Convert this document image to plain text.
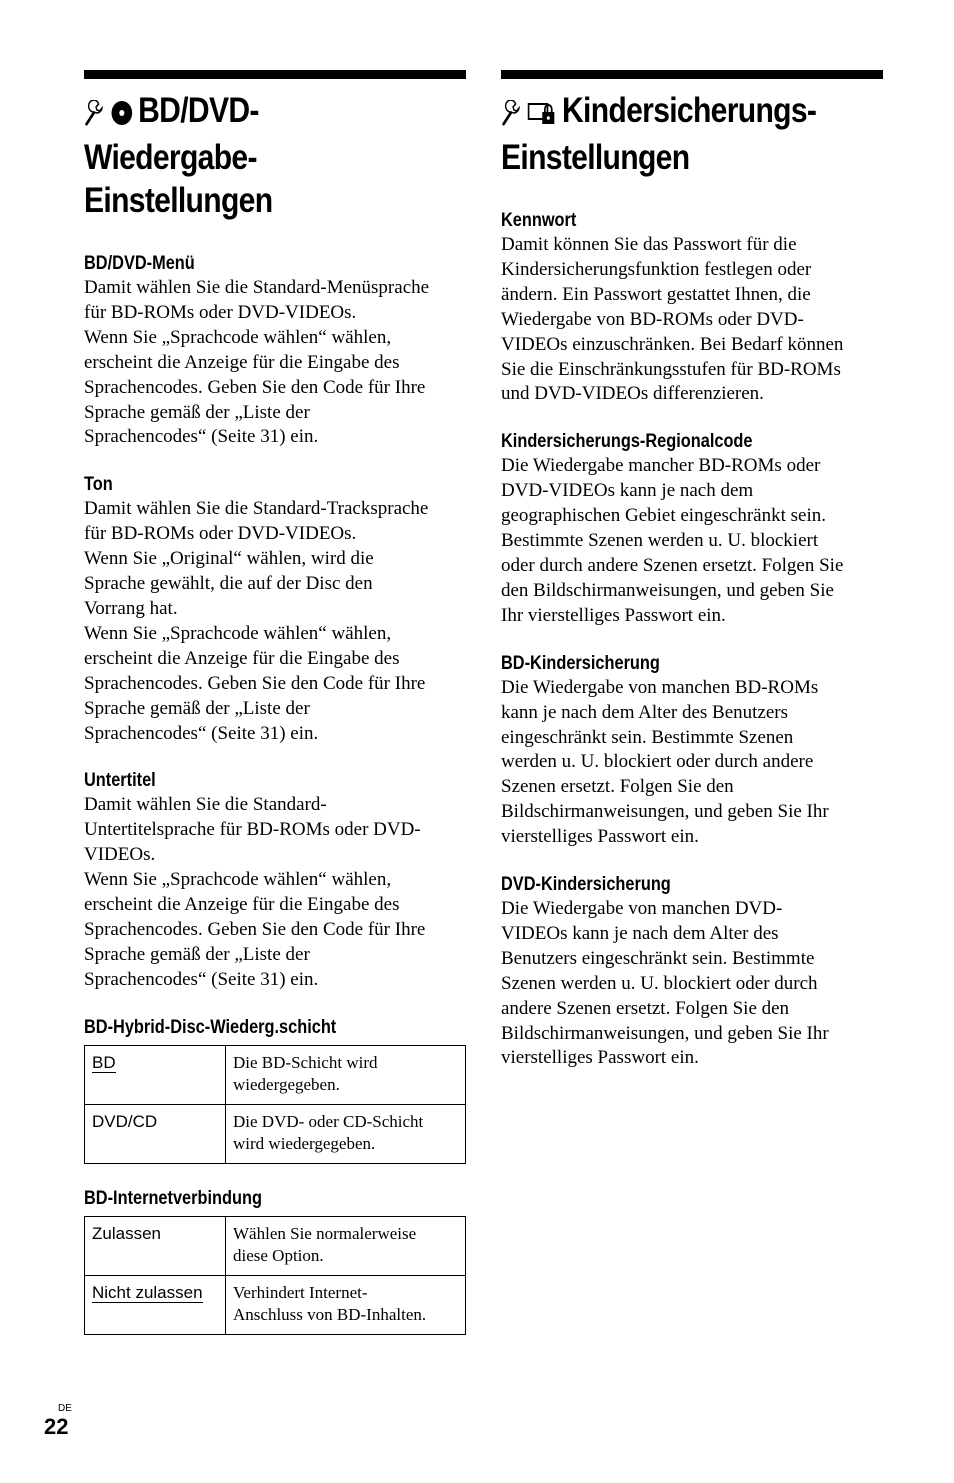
BD/DVD-
Wiedergabe-
Einstellungen
BD/DVD-Menü
Damit wählen Sie die Standard-Menüsprache
für BD-ROMs oder DVD-VIDEOs.
Wenn Sie „Sprachcode wählen“ wählen,
erscheint die Anzeige für die Eingabe des
Sprachencodes. Geben Sie den Code für Ihre
Sprache gemäß der „Liste der
Sprachencodes“ (Seite 31) ein.
Ton
Damit wählen Sie die Standard-Tracksprache
für BD-ROMs oder DVD-VIDEOs.
Wenn Sie „Original“ wählen, wird die
Sprache gewählt, die auf der Disc den
Vorrang hat.
Wenn Sie „Sprachcode wählen“ wählen,
erscheint die Anzeige für die Eingabe des
Sprachencodes. Geben Sie den Code für Ihre
Sprache gemäß der „Liste der
Sprachencodes“ (Seite 31) ein.
Untertitel
Damit wählen Sie die Standard-
Untertitelsprache für BD-ROMs oder DVD-
VIDEOs.
Wenn Sie „Sprachcode wählen“ wählen,
erscheint die Anzeige für die Eingabe des
Sprachencodes. Geben Sie den Code für Ihre
Sprache gemäß der „Liste der
Sprachencodes“ (Seite 31) ein.
BD-Hybrid-Disc-Wiederg.schicht
BD	Die BD-Schicht wird
wiedergegeben.
DVD/CD	Die DVD- oder CD-Schicht
wird wiedergegeben.
BD-Internetverbindung
Zulassen	Wählen Sie normalerweise
diese Option.
Nicht zulassen	Verhindert Internet-
Anschluss von BD-Inhalten.
Kindersicherungs-
Einstellungen
Kennwort
Damit können Sie das Passwort für die
Kindersicherungsfunktion festlegen oder
ändern. Ein Passwort gestattet Ihnen, die
Wiedergabe von BD-ROMs oder DVD-
VIDEOs einzuschränken. Bei Bedarf können
Sie die Einschränkungsstufen für BD-ROMs
und DVD-VIDEOs differenzieren.
Kindersicherungs-Regionalcode
Die Wiedergabe mancher BD-ROMs oder
DVD-VIDEOs kann je nach dem
geographischen Gebiet eingeschränkt sein.
Bestimmte Szenen werden u. U. blockiert
oder durch andere Szenen ersetzt. Folgen Sie
den Bildschirmanweisungen, und geben Sie
Ihr vierstelliges Passwort ein.
BD-Kindersicherung
Die Wiedergabe von manchen BD-ROMs
kann je nach dem Alter des Benutzers
eingeschränkt sein. Bestimmte Szenen
werden u. U. blockiert oder durch andere
Szenen ersetzt. Folgen Sie den
Bildschirmanweisungen, und geben Sie Ihr
vierstelliges Passwort ein.
DVD-Kindersicherung
Die Wiedergabe von manchen DVD-
VIDEOs kann je nach dem Alter des
Benutzers eingeschränkt sein. Bestimmte
Szenen werden u. U. blockiert oder durch
andere Szenen ersetzt. Folgen Sie den
Bildschirmanweisungen, und geben Sie Ihr
vierstelliges Passwort ein.
DE
22
